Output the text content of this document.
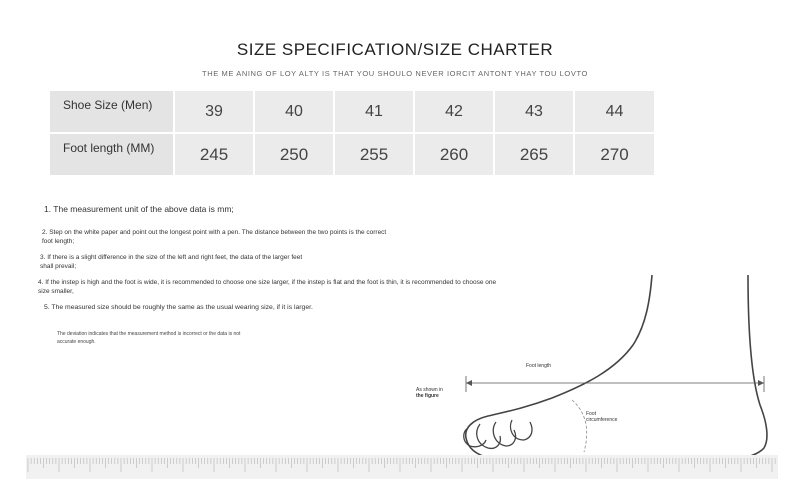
SIZE SPECIFICATION/SIZE CHARTER
THE ME ANING OF LOY ALTY IS THAT YOU SHOULO NEVER IORCIT ANTONT YHAY TOU LOVTO
Shoe Size (Men)	39	40	41	42	43	44
Foot length (MM)	245	250	255	260	265	270
1. The measurement unit of the above data is mm;
2. Step on the white paper and point out the longest point with a pen. The distance between the two points is the correct
foot length;
3. If there is a slight difference in the size of the left and right feet, the data of the larger feet
shall prevail;
4. If the instep is high and the foot is wide, it is recommended to choose one size larger, if the instep is flat and the foot is thin, it is recommended to choose one
size smaller,
5. The measured size should be roughly the same as the usual wearing size, if it is larger.
The deviation indicates that the measurement method is incorrect or the data is not
accurate enough.
Foot length
As shown in
the figure
Foot
circumference
